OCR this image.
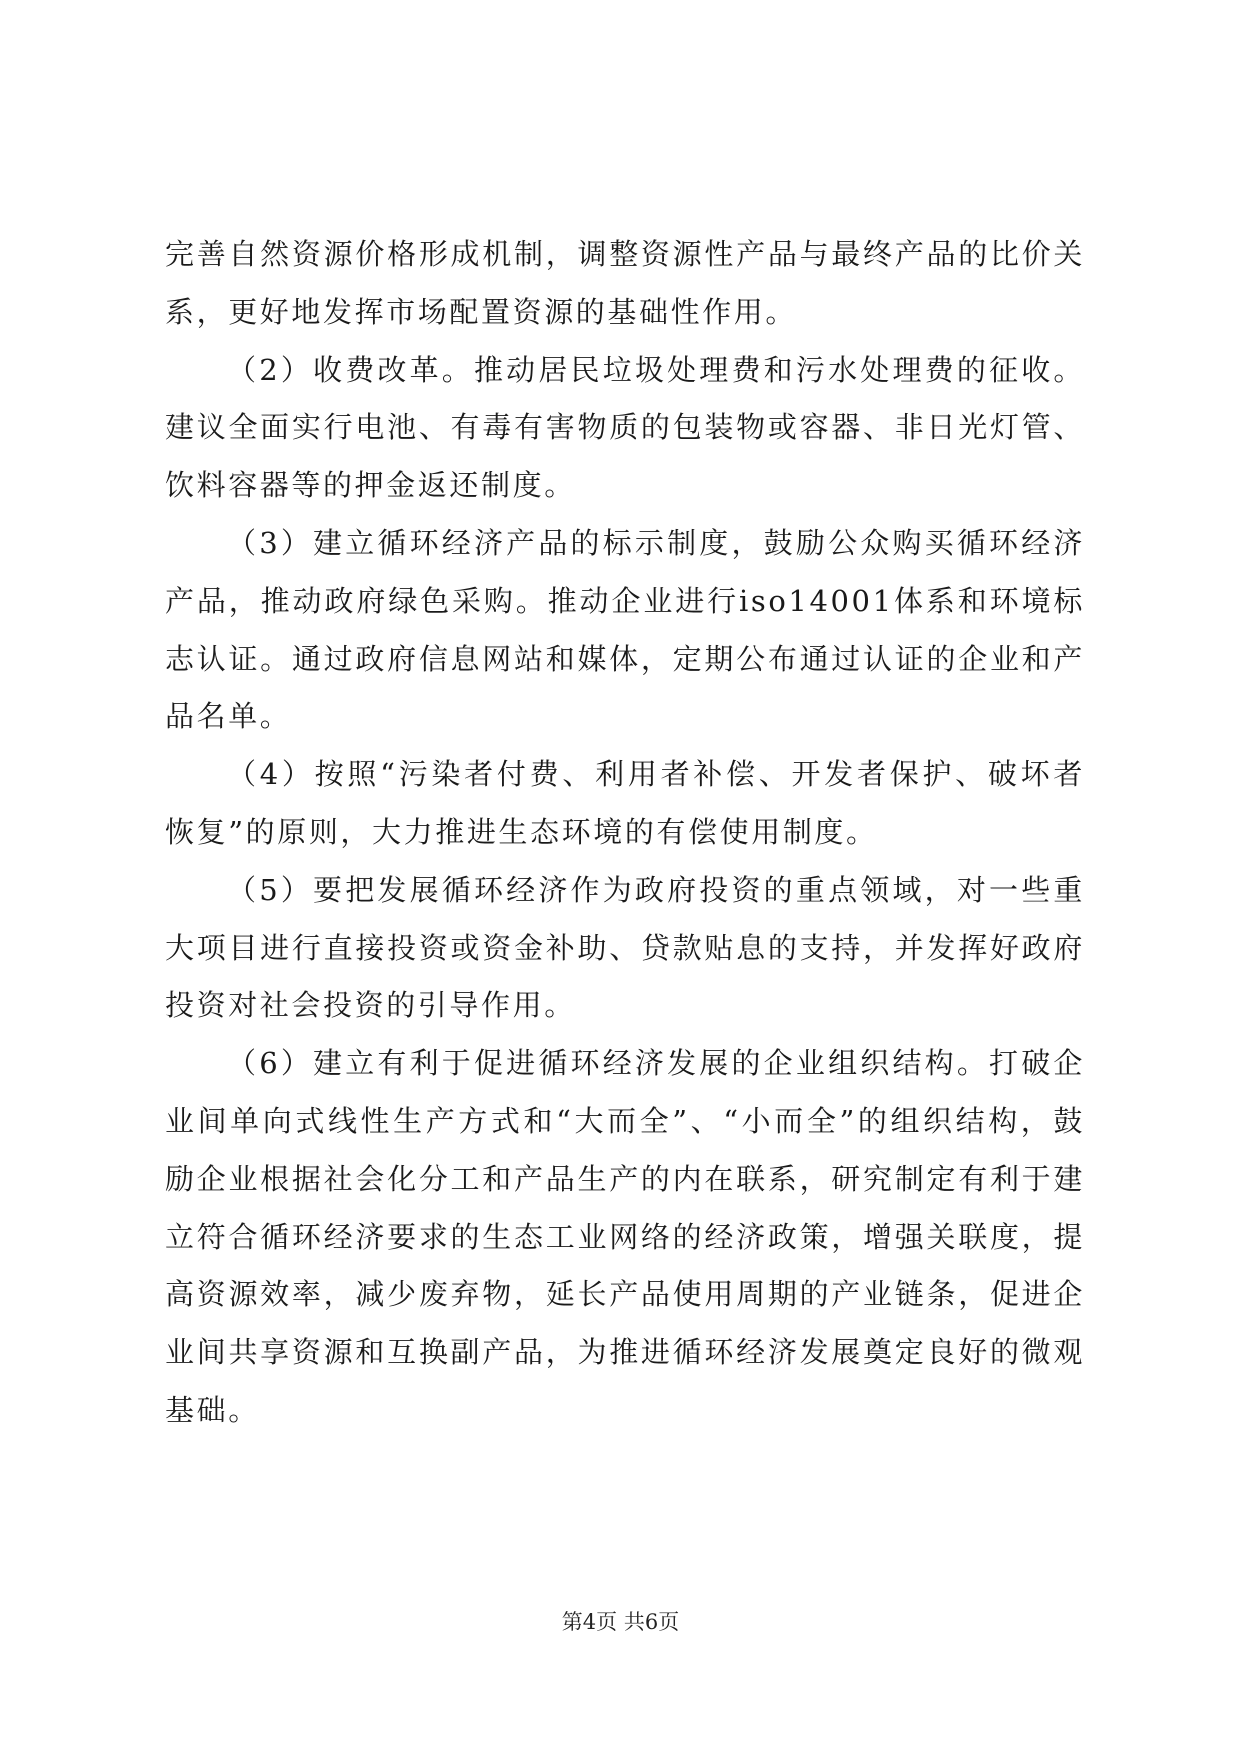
完善自然资源价格形成机制，调整资源性产品与最终产品的比价关系，更好地发挥市场配置资源的基础性作用。

（2）收费改革。推动居民垃圾处理费和污水处理费的征收。建议全面实行电池、有毒有害物质的包装物或容器、非日光灯管、饮料容器等的押金返还制度。

（3）建立循环经济产品的标示制度，鼓励公众购买循环经济产品，推动政府绿色采购。推动企业进行iso14001体系和环境标志认证。通过政府信息网站和媒体，定期公布通过认证的企业和产品名单。

（4）按照“污染者付费、利用者补偿、开发者保护、破坏者恢复”的原则，大力推进生态环境的有偿使用制度。

（5）要把发展循环经济作为政府投资的重点领域，对一些重大项目进行直接投资或资金补助、贷款贴息的支持，并发挥好政府投资对社会投资的引导作用。

（6）建立有利于促进循环经济发展的企业组织结构。打破企业间单向式线性生产方式和“大而全”、“小而全”的组织结构，鼓励企业根据社会化分工和产品生产的内在联系，研究制定有利于建立符合循环经济要求的生态工业网络的经济政策，增强关联度，提高资源效率，减少废弃物，延长产品使用周期的产业链条，促进企业间共享资源和互换副产品，为推进循环经济发展奠定良好的微观基础。

第4页 共6页
